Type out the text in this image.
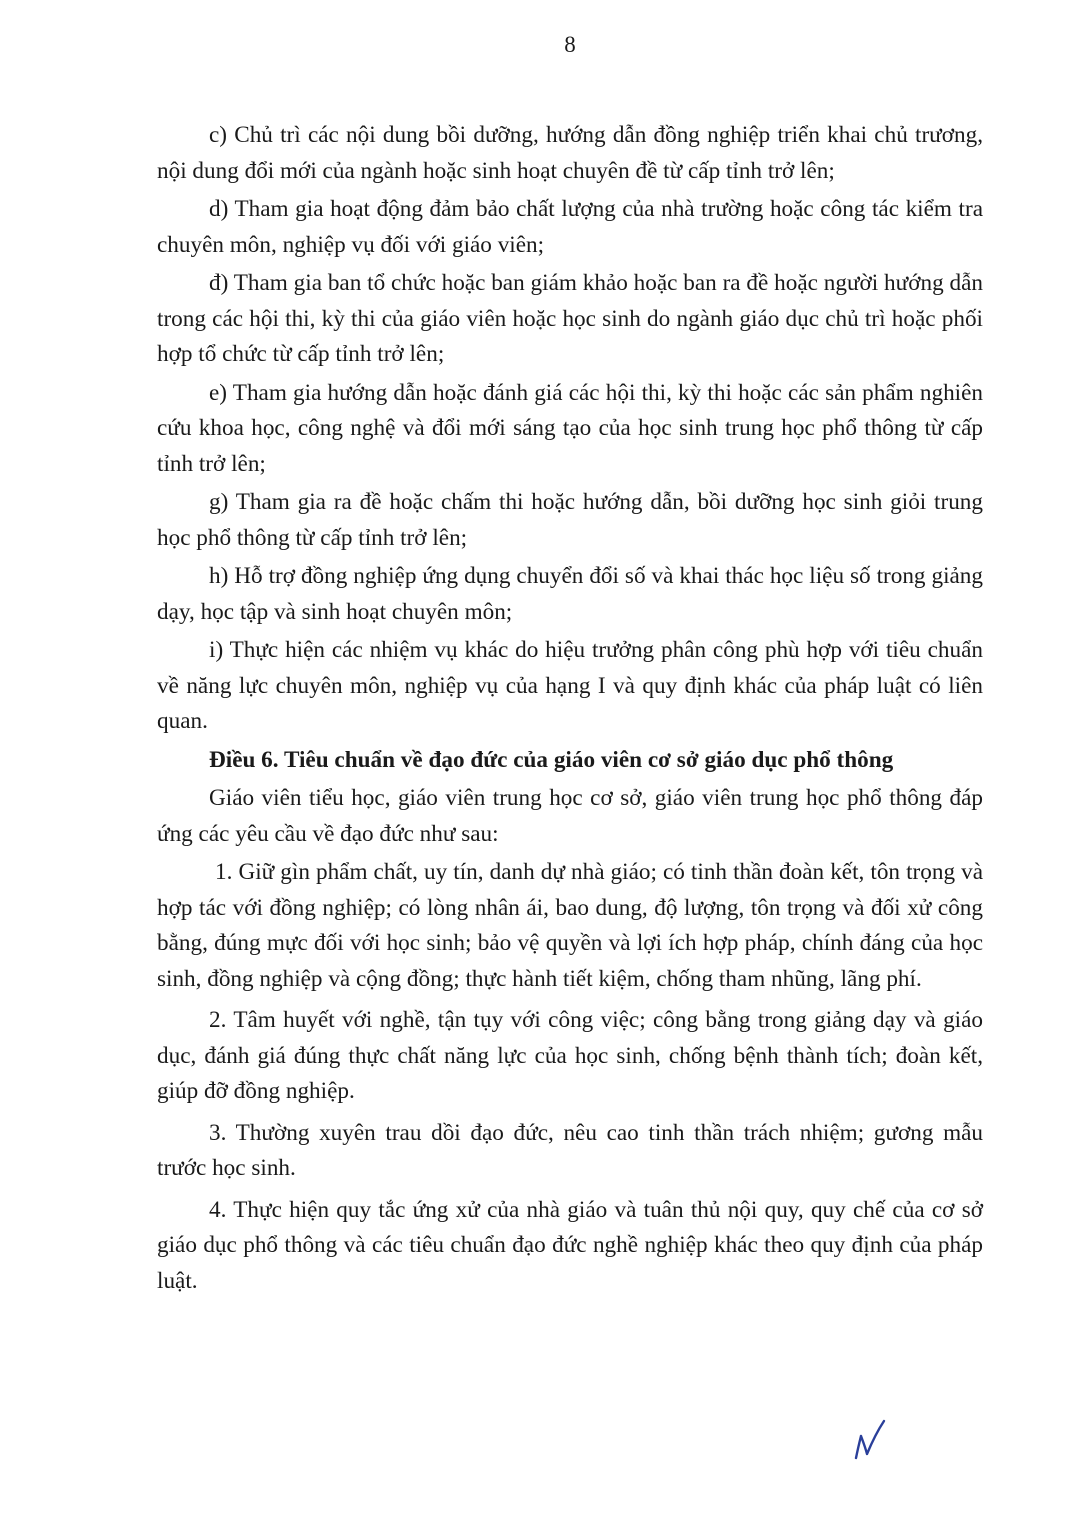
8

c) Chủ trì các nội dung bồi dưỡng, hướng dẫn đồng nghiệp triển khai chủ trương, nội dung đổi mới của ngành hoặc sinh hoạt chuyên đề từ cấp tỉnh trở lên;

d) Tham gia hoạt động đảm bảo chất lượng của nhà trường hoặc công tác kiểm tra chuyên môn, nghiệp vụ đối với giáo viên;

đ) Tham gia ban tổ chức hoặc ban giám khảo hoặc ban ra đề hoặc người hướng dẫn trong các hội thi, kỳ thi của giáo viên hoặc học sinh do ngành giáo dục chủ trì hoặc phối hợp tổ chức từ cấp tỉnh trở lên;

e) Tham gia hướng dẫn hoặc đánh giá các hội thi, kỳ thi hoặc các sản phẩm nghiên cứu khoa học, công nghệ và đổi mới sáng tạo của học sinh trung học phổ thông từ cấp tỉnh trở lên;

g) Tham gia ra đề hoặc chấm thi hoặc hướng dẫn, bồi dưỡng học sinh giỏi trung học phổ thông từ cấp tỉnh trở lên;

h) Hỗ trợ đồng nghiệp ứng dụng chuyển đổi số và khai thác học liệu số trong giảng dạy, học tập và sinh hoạt chuyên môn;

i) Thực hiện các nhiệm vụ khác do hiệu trưởng phân công phù hợp với tiêu chuẩn về năng lực chuyên môn, nghiệp vụ của hạng I và quy định khác của pháp luật có liên quan.

Điều 6. Tiêu chuẩn về đạo đức của giáo viên cơ sở giáo dục phổ thông

Giáo viên tiểu học, giáo viên trung học cơ sở, giáo viên trung học phổ thông đáp ứng các yêu cầu về đạo đức như sau:

1. Giữ gìn phẩm chất, uy tín, danh dự nhà giáo; có tinh thần đoàn kết, tôn trọng và hợp tác với đồng nghiệp; có lòng nhân ái, bao dung, độ lượng, tôn trọng và đối xử công bằng, đúng mực đối với học sinh; bảo vệ quyền và lợi ích hợp pháp, chính đáng của học sinh, đồng nghiệp và cộng đồng; thực hành tiết kiệm, chống tham nhũng, lãng phí.

2. Tâm huyết với nghề, tận tụy với công việc; công bằng trong giảng dạy và giáo dục, đánh giá đúng thực chất năng lực của học sinh, chống bệnh thành tích; đoàn kết, giúp đỡ đồng nghiệp.

3. Thường xuyên trau dồi đạo đức, nêu cao tinh thần trách nhiệm; gương mẫu trước học sinh.

4. Thực hiện quy tắc ứng xử của nhà giáo và tuân thủ nội quy, quy chế của cơ sở giáo dục phổ thông và các tiêu chuẩn đạo đức nghề nghiệp khác theo quy định của pháp luật.
